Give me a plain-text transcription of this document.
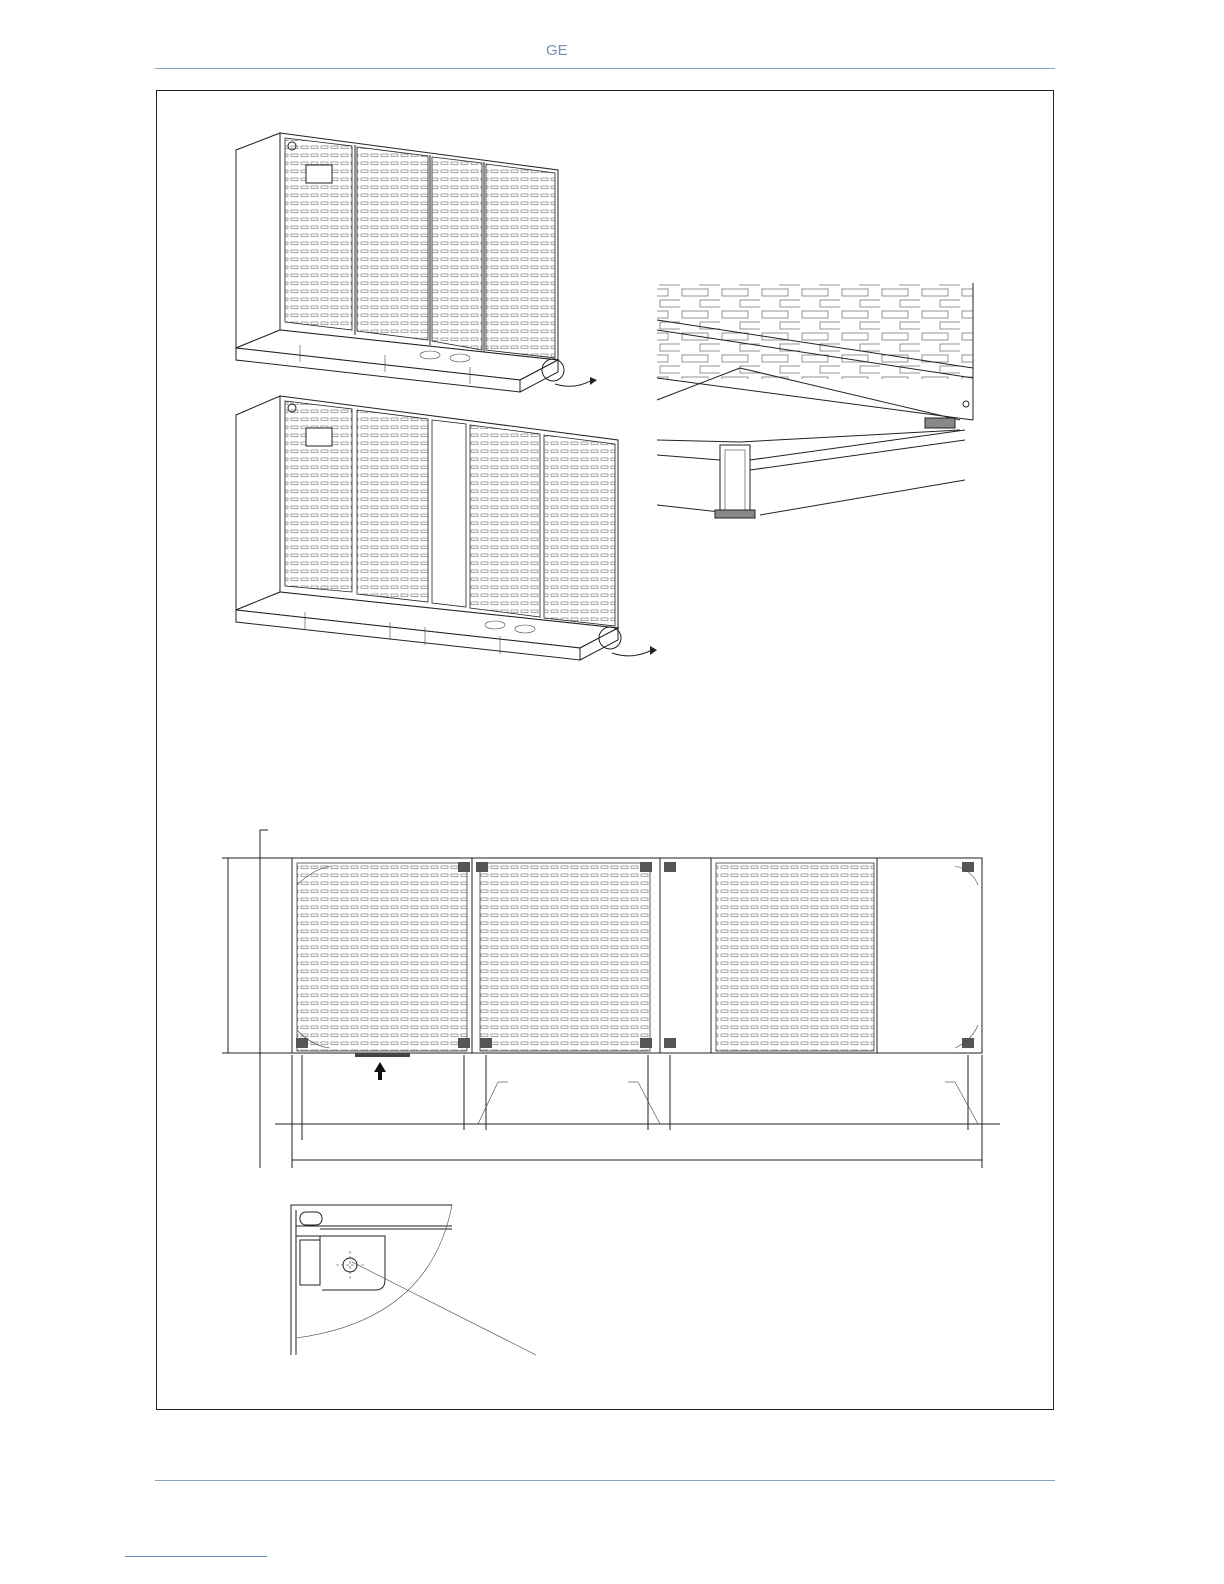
GE
